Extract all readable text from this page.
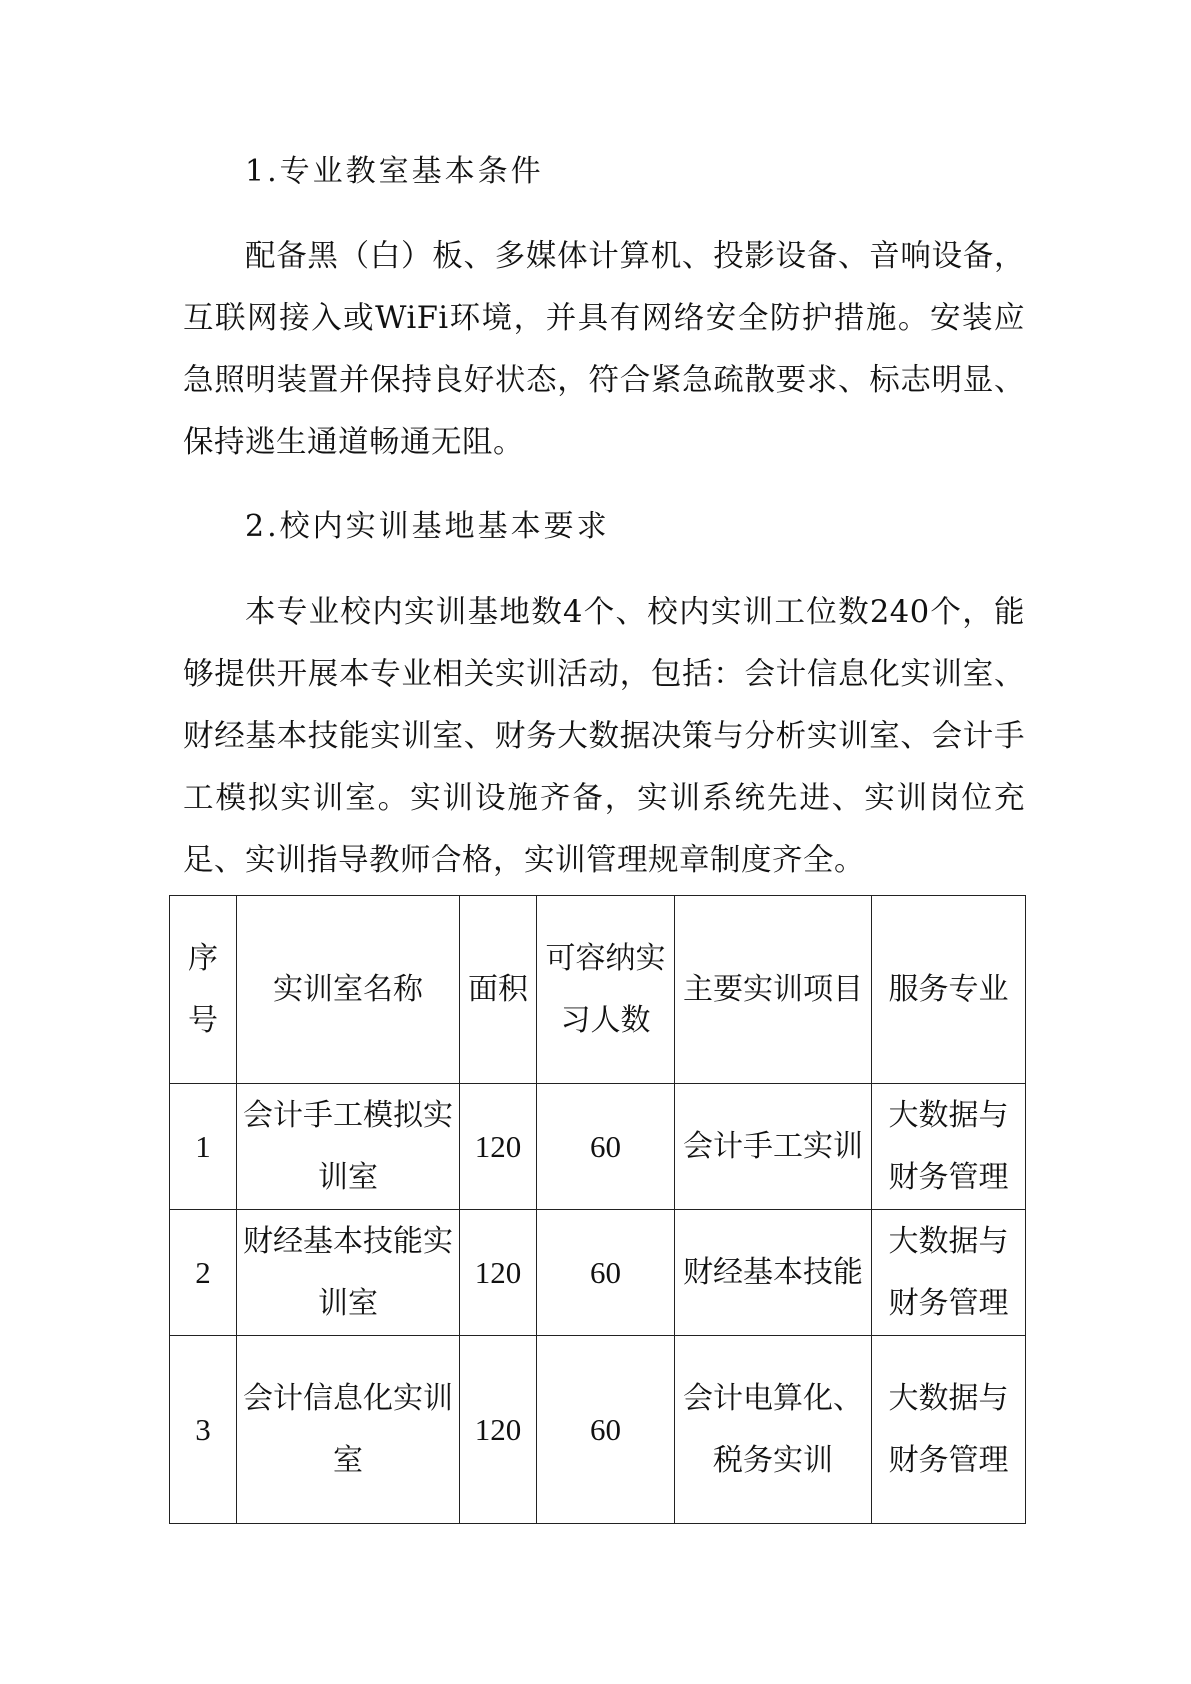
1.专业教室基本条件

配备黑（白）板、多媒体计算机、投影设备、音响设备，互联网接入或WiFi环境，并具有网络安全防护措施。安装应急照明装置并保持良好状态，符合紧急疏散要求、标志明显、保持逃生通道畅通无阻。

2.校内实训基地基本要求

本专业校内实训基地数4个、校内实训工位数240个，能够提供开展本专业相关实训活动，包括：会计信息化实训室、财经基本技能实训室、财务大数据决策与分析实训室、会计手工模拟实训室。实训设施齐备，实训系统先进、实训岗位充足、实训指导教师合格，实训管理规章制度齐全。

序号	实训室名称	面积	可容纳实习人数	主要实训项目	服务专业
1	会计手工模拟实训室	120	60	会计手工实训	大数据与财务管理
2	财经基本技能实训室	120	60	财经基本技能	大数据与财务管理
3	会计信息化实训室	120	60	会计电算化、税务实训	大数据与财务管理
